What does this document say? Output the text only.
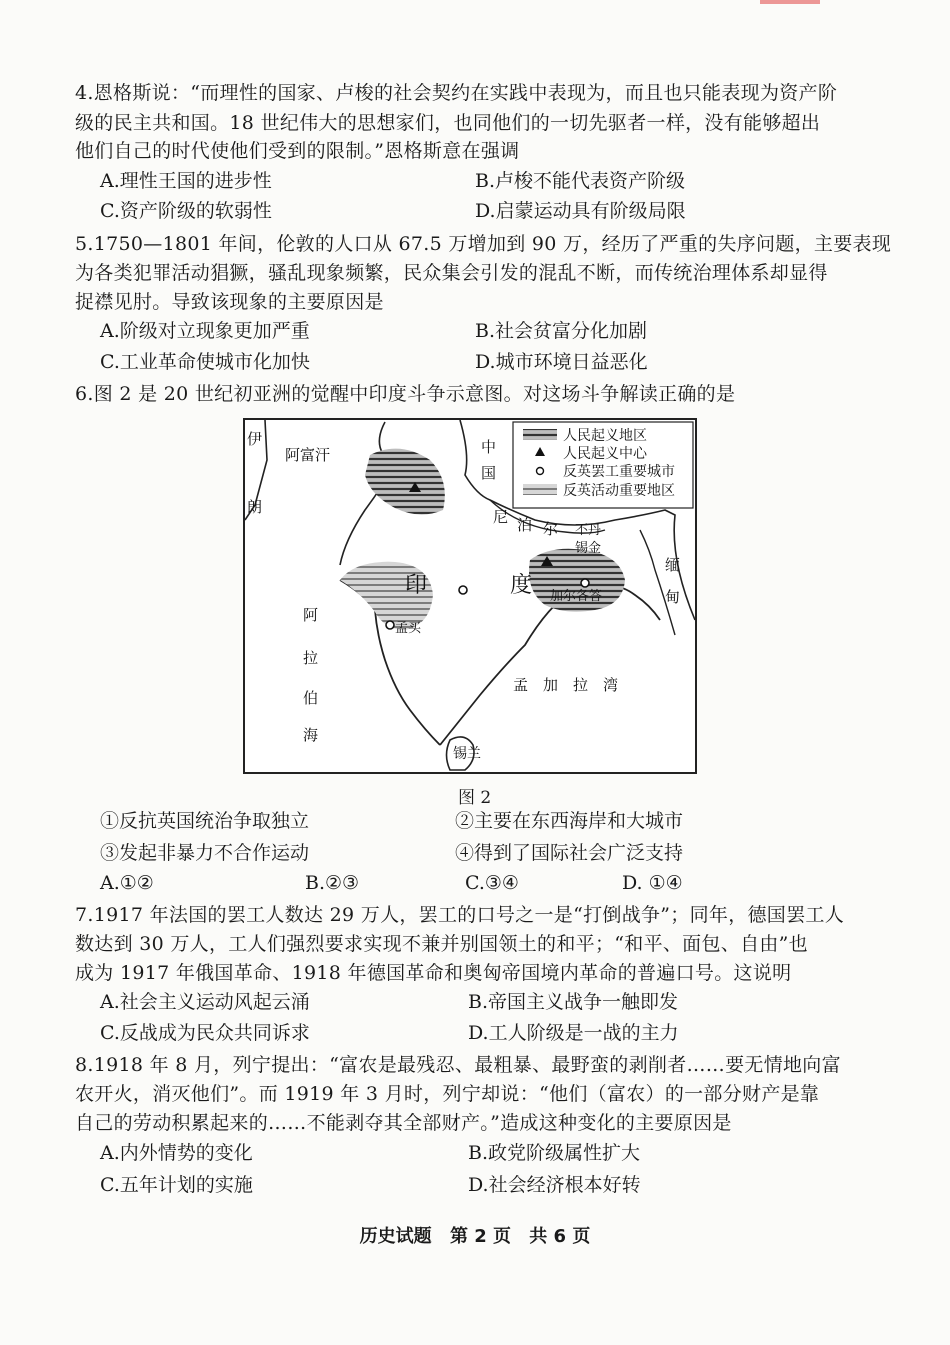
4.恩格斯说：“而理性的国家、卢梭的社会契约在实践中表现为，而且也只能表现为资产阶
级的民主共和国。18 世纪伟大的思想家们，也同他们的一切先驱者一样，没有能够超出
他们自己的时代使他们受到的限制。”恩格斯意在强调
A.理性王国的进步性	B.卢梭不能代表资产阶级
C.资产阶级的软弱性	D.启蒙运动具有阶级局限
5.1750—1801 年间，伦敦的人口从 67.5 万增加到 90 万，经历了严重的失序问题，主要表现
为各类犯罪活动猖獗，骚乱现象频繁，民众集会引发的混乱不断，而传统治理体系却显得
捉襟见肘。导致该现象的主要原因是
A.阶级对立现象更加严重	B.社会贫富分化加剧
C.工业革命使城市化加快	D.城市环境日益恶化
6.图 2 是 20 世纪初亚洲的觉醒中印度斗争示意图。对这场斗争解读正确的是
人民起义地区
人民起义中心
反英罢工重要城市
反英活动重要地区
伊
朗
阿富汗	中
国
尼 泊 尔 不丹
锡金
缅
甸
印	度 加尔各答
孟买
阿
拉
伯
海
孟　加　拉　湾
锡兰
图 2
①反抗英国统治争取独立	②主要在东西海岸和大城市
③发起非暴力不合作运动	④得到了国际社会广泛支持
A.①②	B.②③	C.③④	D. ①④
7.1917 年法国的罢工人数达 29 万人，罢工的口号之一是“打倒战争”；同年，德国罢工人
数达到 30 万人，工人们强烈要求实现不兼并别国领土的和平；“和平、面包、自由”也
成为 1917 年俄国革命、1918 年德国革命和奥匈帝国境内革命的普遍口号。这说明
A.社会主义运动风起云涌	B.帝国主义战争一触即发
C.反战成为民众共同诉求	D.工人阶级是一战的主力
8.1918 年 8 月，列宁提出：“富农是最残忍、最粗暴、最野蛮的剥削者……要无情地向富
农开火，消灭他们”。而 1919 年 3 月时，列宁却说：“他们（富农）的一部分财产是靠
自己的劳动积累起来的……不能剥夺其全部财产。”造成这种变化的主要原因是
A.内外情势的变化	B.政党阶级属性扩大
C.五年计划的实施	D.社会经济根本好转
历史试题 第 2 页 共 6 页
